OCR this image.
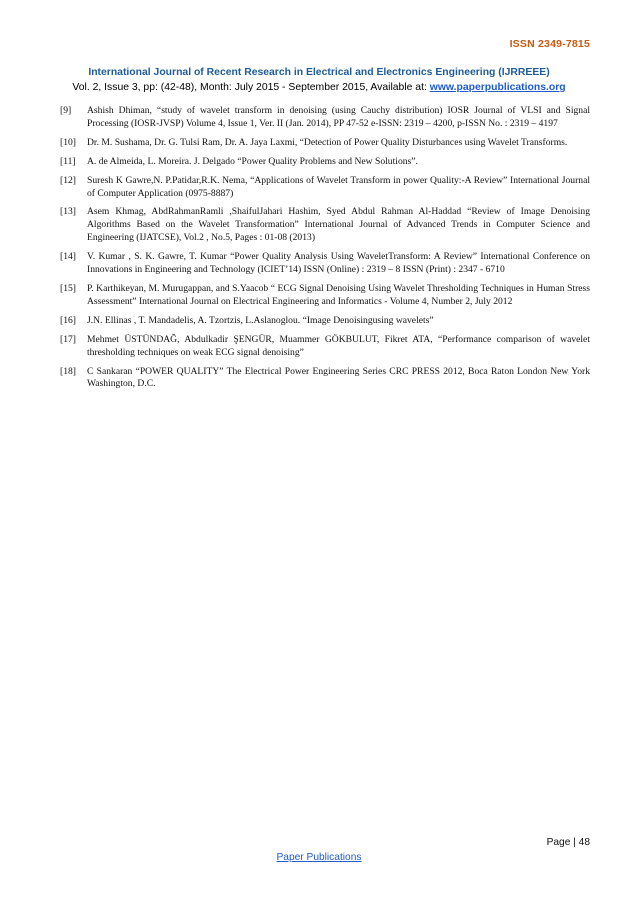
ISSN 2349-7815
International Journal of Recent Research in Electrical and Electronics Engineering (IJRREEE)
Vol. 2, Issue 3, pp: (42-48), Month: July 2015 - September 2015, Available at: www.paperpublications.org
[9]	Ashish Dhiman, “study of wavelet transform in denoising (using Cauchy distribution) IOSR Journal of VLSI and Signal Processing (IOSR-JVSP) Volume 4, Issue 1, Ver. II (Jan. 2014), PP 47-52 e-ISSN: 2319 – 4200, p-ISSN No. : 2319 – 4197
[10]	Dr. M. Sushama, Dr. G. Tulsi Ram, Dr. A. Jaya Laxmi, “Detection of Power Quality Disturbances using Wavelet Transforms.
[11]	A. de Almeida, L. Moreira. J. Delgado “Power Quality Problems and New Solutions”.
[12]	Suresh K Gawre,N. P.Patidar,R.K. Nema, “Applications of Wavelet Transform in power Quality:-A Review” International Journal of Computer Application (0975-8887)
[13]	Asem Khmag, AbdRahmanRamli ,ShaifulJahari Hashim, Syed Abdul Rahman Al-Haddad “Review of Image Denoising Algorithms Based on the Wavelet Transformation” International Journal of Advanced Trends in Computer Science and Engineering (IJATCSE), Vol.2 , No.5, Pages : 01-08 (2013)
[14]	V. Kumar , S. K. Gawre, T. Kumar “Power Quality Analysis Using WaveletTransform: A Review” International Conference on Innovations in Engineering and Technology (ICIET’14) ISSN (Online) : 2319 – 8 ISSN (Print) : 2347 - 6710
[15]	P. Karthikeyan, M. Murugappan, and S.Yaacob “ ECG Signal Denoising Using Wavelet Thresholding Techniques in Human Stress Assessment” International Journal on Electrical Engineering and Informatics - Volume 4, Number 2, July 2012
[16]	J.N. Ellinas , T. Mandadelis, A. Tzortzis, L.Aslanoglou. “Image Denoisingusing wavelets”
[17]	Mehmet ÜSTÜNDAĞ, Abdulkadir ŞENGÜR, Muammer GÖKBULUT, Fikret ATA, “Performance comparison of wavelet thresholding techniques on weak ECG signal denoising”
[18]	C Sankaran “POWER QUALITY” The Electrical Power Engineering Series CRC PRESS 2012, Boca Raton London New York Washington, D.C.
Page | 48
Paper Publications
